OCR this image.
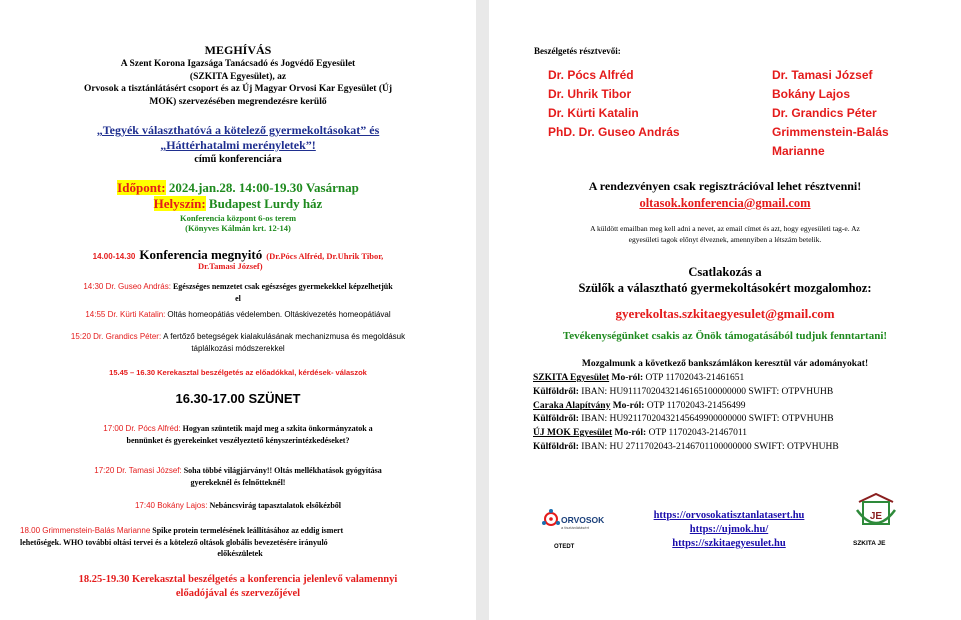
MEGHÍVÁS
A Szent Korona Igazsága Tanácsadó és Jogvédő Egyesület
(SZKITA Egyesület), az
Orvosok a tisztánlátásért csoport és az Új Magyar Orvosi Kar Egyesület (Új
MOK) szervezésében megrendezésre kerülő
„Tegyék választhatóvá a kötelező gyermekoltásokat” és
„Háttérhatalmi merényletek”!
című konferenciára
Időpont: 2024.jan.28. 14:00-19.30 Vasárnap
Helyszín: Budapest Lurdy ház
Konferencia központ 6-os terem
(Könyves Kálmán krt. 12-14)
14.00-14.30 Konferencia megnyitó (Dr.Pócs Alfréd, Dr.Uhrik Tibor,
Dr.Tamasi József)
14:30 Dr. Guseo András: Egészséges nemzetet csak egészséges gyermekekkel képzelhetjük
el
14:55 Dr. Kürti Katalin: Oltás homeopátiás védelemben. Oltáskivezetés homeopátiával
15:20 Dr. Grandics Péter: A fertőző betegségek kialakulásának mechanizmusa és megoldásuk
táplálkozási módszerekkel
15.45 – 16.30 Kerekasztal beszélgetés az előadókkal, kérdések- válaszok
16.30-17.00 SZÜNET
17:00 Dr. Pócs Alfréd: Hogyan szüntetik majd meg a szkita önkormányzatok a
bennünket és gyerekeinket veszélyeztető kényszerintézkedéseket?
17:20 Dr. Tamasi József: Soha többé világjárvány!! Oltás mellékhatások gyógyítása
gyerekeknél és felnőtteknél!
17:40 Bokány Lajos: Nebáncsvirág tapasztalatok elsőkézből
18.00 Grimmenstein-Balás Marianne Spike protein termelésének leállításához az eddig ismert
lehetőségek. WHO további oltási tervei és a kötelező oltások globális bevezetésére irányuló
előkészületek
18.25-19.30 Kerekasztal beszélgetés a konferencia jelenlevő valamennyi
előadójával és szervezőjével
Beszélgetés résztvevői:
Dr. Pócs Alfréd
Dr. Uhrik Tibor
Dr. Kürti Katalin
PhD. Dr. Guseo András
Dr. Tamasi József
Bokány Lajos
Dr. Grandics Péter
Grimmenstein-Balás
Marianne
A rendezvényen csak regisztrációval lehet résztvenni!
oltasok.konferencia@gmail.com
A küldött emailban meg kell adni a nevet, az email címet és azt, hogy egyesületi tag-e. Az
egyesületi tagok előnyt élveznek, amennyiben a létszám betelik.
Csatlakozás a
Szülők a választható gyermekoltásokért mozgalomhoz:
gyerekoltas.szkitaegyesulet@gmail.com
Tevékenységünket csakis az Önök támogatásából tudjuk fenntartani!
Mozgalmunk a következő bankszámlákon keresztül vár adományokat!
SZKITA Egyesület Mo-ról: OTP 11702043-21461651
Külföldről: IBAN: HU91117020432146165100000000 SWIFT: OTPVHUHB
Caraka Alapítvány Mo-ról: OTP 11702043-21456499
Külföldről: IBAN: HU92117020432145649900000000 SWIFT: OTPVHUHB
ÚJ MOK Egyesület Mo-ról: OTP 11702043-21467011
Külföldről: IBAN: HU 2711702043-2146701100000000 SWIFT: OTPVHUHB
ORVOSOK
a tisztánlátásért
OTEDT
https://orvosokatisztanlatasert.hu
https://ujmok.hu/
https://szkitaegyesulet.hu
JE
SZKITA JE
